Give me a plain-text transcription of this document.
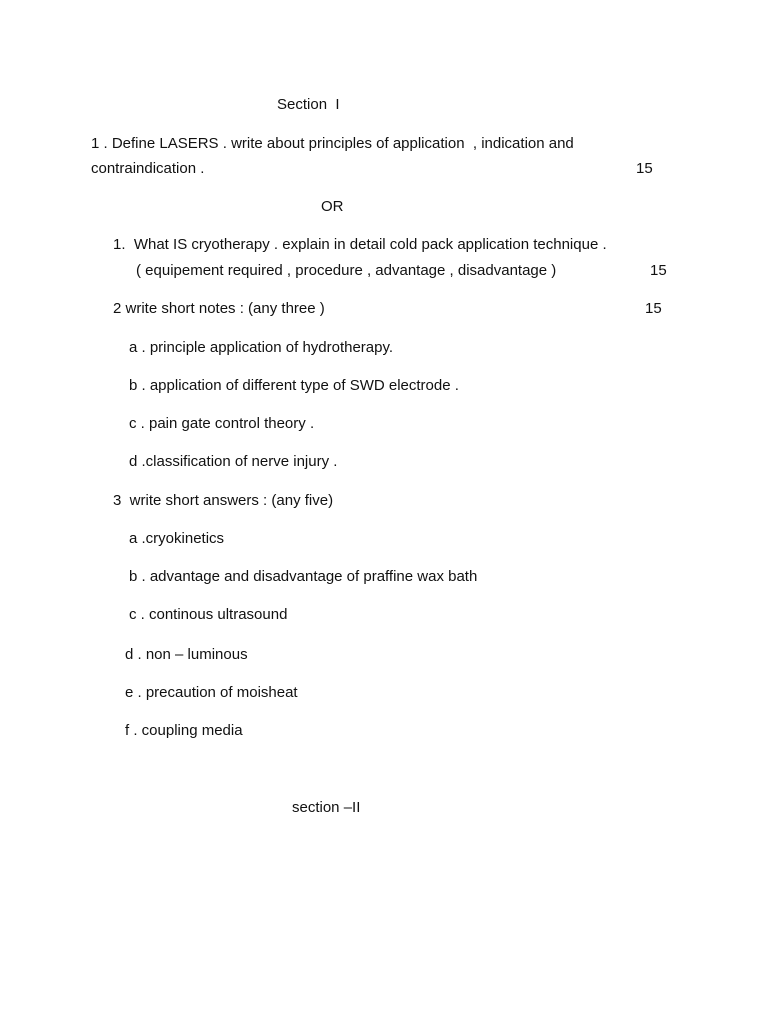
Section  I
1 . Define LASERS . write about principles of application  , indication and
contraindication .	15
OR
1.  What IS cryotherapy . explain in detail cold pack application technique .
( equipement required , procedure , advantage , disadvantage )	15
2 write short notes : (any three )	15
a . principle application of hydrotherapy.
b . application of different type of SWD electrode .
c . pain gate control theory .
d .classification of nerve injury .
3  write short answers : (any five)
a .cryokinetics
b . advantage and disadvantage of praffine wax bath
c . continous ultrasound
d . non – luminous
e . precaution of moisheat
f . coupling media
section –II
